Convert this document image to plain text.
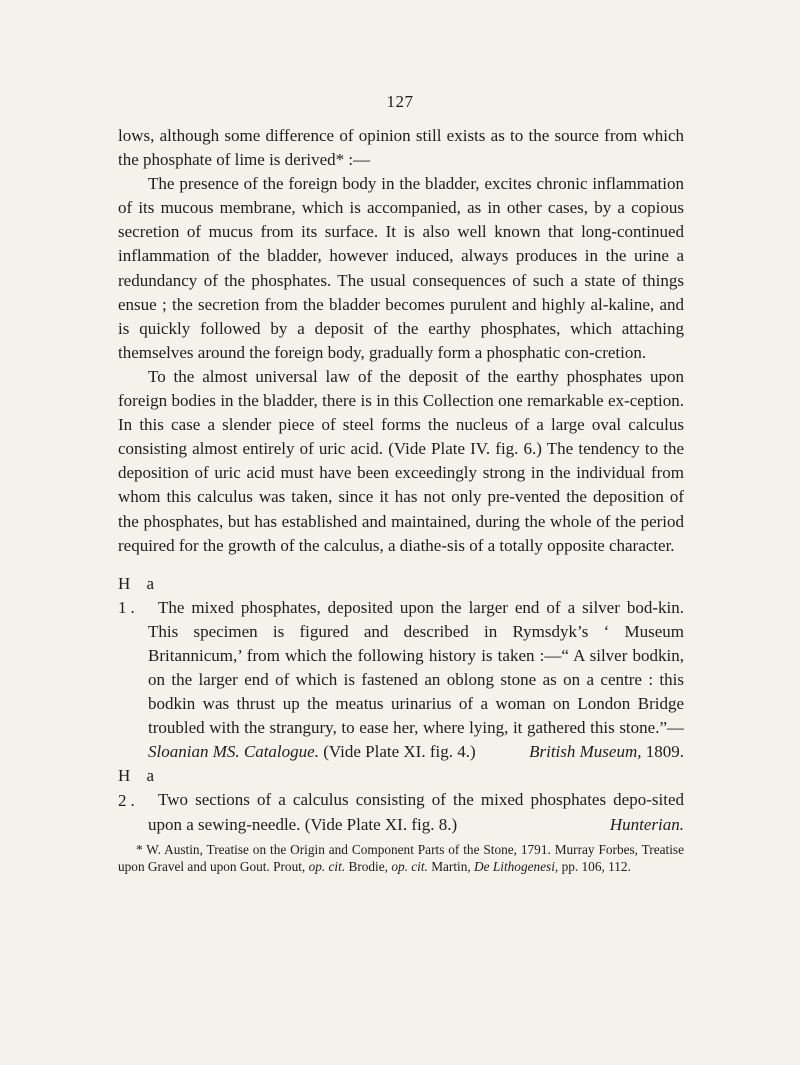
127

lows, although some difference of opinion still exists as to the source from which the phosphate of lime is derived* :—

The presence of the foreign body in the bladder, excites chronic inflammation of its mucous membrane, which is accompanied, as in other cases, by a copious secretion of mucus from its surface. It is also well known that long-continued inflammation of the bladder, however induced, always produces in the urine a redundancy of the phosphates. The usual consequences of such a state of things ensue ; the secretion from the bladder becomes purulent and highly al-kaline, and is quickly followed by a deposit of the earthy phosphates, which attaching themselves around the foreign body, gradually form a phosphatic con-cretion.

To the almost universal law of the deposit of the earthy phosphates upon foreign bodies in the bladder, there is in this Collection one remarkable ex-ception. In this case a slender piece of steel forms the nucleus of a large oval calculus consisting almost entirely of uric acid. (Vide Plate IV. fig. 6.) The tendency to the deposition of uric acid must have been exceedingly strong in the individual from whom this calculus was taken, since it has not only pre-vented the deposition of the phosphates, but has established and maintained, during the whole of the period required for the growth of the calculus, a diathe-sis of a totally opposite character.

H a 1. The mixed phosphates, deposited upon the larger end of a silver bod-kin. This specimen is figured and described in Rymsdyk’s ‘ Museum Britannicum,’ from which the following history is taken :—“ A silver bodkin, on the larger end of which is fastened an oblong stone as on a centre : this bodkin was thrust up the meatus urinarius of a woman on London Bridge troubled with the strangury, to ease her, where lying, it gathered this stone.”—Sloanian MS. Catalogue. (Vide Plate XI. fig. 4.)	British Museum, 1809.

H a 2. Two sections of a calculus consisting of the mixed phosphates depo-sited upon a sewing-needle. (Vide Plate XI. fig. 8.)	Hunterian.

* W. Austin, Treatise on the Origin and Component Parts of the Stone, 1791. Murray Forbes, Treatise upon Gravel and upon Gout. Prout, op. cit. Brodie, op. cit. Martin, De Lithogenesi, pp. 106, 112.
